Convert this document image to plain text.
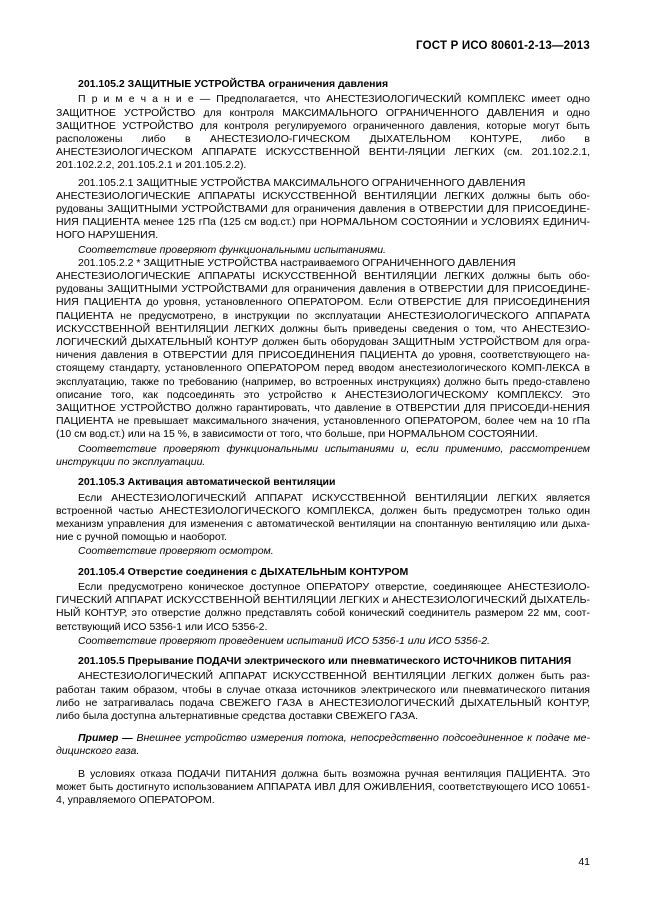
ГОСТ Р ИСО 80601-2-13—2013
201.105.2 ЗАЩИТНЫЕ УСТРОЙСТВА ограничения давления

П р и м е ч а н и е — Предполагается, что АНЕСТЕЗИОЛОГИЧЕСКИЙ КОМПЛЕКС имеет одно ЗАЩИТНОЕ УСТРОЙСТВО для контроля МАКСИМАЛЬНОГО ОГРАНИЧЕННОГО ДАВЛЕНИЯ и одно ЗАЩИТНОЕ УСТРОЙСТВО для контроля регулируемого ограниченного давления, которые могут быть расположены либо в АНЕСТЕЗИОЛО-ГИЧЕСКОМ ДЫХАТЕЛЬНОМ КОНТУРЕ, либо в АНЕСТЕЗИОЛОГИЧЕСКОМ АППАРАТЕ ИСКУССТВЕННОЙ ВЕНТИ-ЛЯЦИИ ЛЕГКИХ (см. 201.102.2.1, 201.102.2.2, 201.105.2.1 и 201.105.2.2).

201.105.2.1 ЗАЩИТНЫЕ УСТРОЙСТВА МАКСИМАЛЬНОГО ОГРАНИЧЕННОГО ДАВЛЕНИЯ

АНЕСТЕЗИОЛОГИЧЕСКИЕ АППАРАТЫ ИСКУССТВЕННОЙ ВЕНТИЛЯЦИИ ЛЕГКИХ должны быть обо-рудованы ЗАЩИТНЫМИ УСТРОЙСТВАМИ для ограничения давления в ОТВЕРСТИИ ДЛЯ ПРИСОЕДИНЕ-НИЯ ПАЦИЕНТА менее 125 гПа (125 см вод.ст.) при НОРМАЛЬНОМ СОСТОЯНИИ и УСЛОВИЯХ ЕДИНИЧ-НОГО НАРУШЕНИЯ.

Соответствие проверяют функциональными испытаниями.

201.105.2.2 * ЗАЩИТНЫЕ УСТРОЙСТВА настраиваемого ОГРАНИЧЕННОГО ДАВЛЕНИЯ

АНЕСТЕЗИОЛОГИЧЕСКИЕ АППАРАТЫ ИСКУССТВЕННОЙ ВЕНТИЛЯЦИИ ЛЕГКИХ должны быть обо-рудованы ЗАЩИТНЫМИ УСТРОЙСТВАМИ для ограничения давления в ОТВЕРСТИИ ДЛЯ ПРИСОЕДИНЕ-НИЯ ПАЦИЕНТА до уровня, установленного ОПЕРАТОРОМ. Если ОТВЕРСТИЕ ДЛЯ ПРИСОЕДИНЕНИЯ ПАЦИЕНТА не предусмотрено, в инструкции по эксплуатации АНЕСТЕЗИОЛОГИЧЕСКОГО АППАРАТА ИСКУССТВЕННОЙ ВЕНТИЛЯЦИИ ЛЕГКИХ должны быть приведены сведения о том, что АНЕСТЕЗИО-ЛОГИЧЕСКИЙ ДЫХАТЕЛЬНЫЙ КОНТУР должен быть оборудован ЗАЩИТНЫМ УСТРОЙСТВОМ для огра-ничения давления в ОТВЕРСТИИ ДЛЯ ПРИСОЕДИНЕНИЯ ПАЦИЕНТА до уровня, соответствующего на-стоящему стандарту, установленного ОПЕРАТОРОМ перед вводом анестезиологического КОМП-ЛЕКСА в эксплуатацию, также по требованию (например, во встроенных инструкциях) должно быть предо-ставлено описание того, как подсоединять это устройство к АНЕСТЕЗИОЛОГИЧЕСКОМУ КОМПЛЕКСУ. Это ЗАЩИТНОЕ УСТРОЙСТВО должно гарантировать, что давление в ОТВЕРСТИИ ДЛЯ ПРИСОЕДИ-НЕНИЯ ПАЦИЕНТА не превышает максимального значения, установленного ОПЕРАТОРОМ, более чем на 10 гПа (10 см вод.ст.) или на 15 %, в зависимости от того, что больше, при НОРМАЛЬНОМ СОСТОЯНИИ.

Соответствие проверяют функциональными испытаниями и, если применимо, рассмотрением инструкции по эксплуатации.

201.105.3 Активация автоматической вентиляции

Если АНЕСТЕЗИОЛОГИЧЕСКИЙ АППАРАТ ИСКУССТВЕННОЙ ВЕНТИЛЯЦИИ ЛЕГКИХ является встроенной частью АНЕСТЕЗИОЛОГИЧЕСКОГО КОМПЛЕКСА, должен быть предусмотрен только один механизм управления для изменения с автоматической вентиляции на спонтанную вентиляцию или дыха-ние с ручной помощью и наоборот.

Соответствие проверяют осмотром.

201.105.4 Отверстие соединения с ДЫХАТЕЛЬНЫМ КОНТУРОМ

Если предусмотрено коническое доступное ОПЕРАТОРУ отверстие, соединяющее АНЕСТЕЗИОЛО-ГИЧЕСКИЙ АППАРАТ ИСКУССТВЕННОЙ ВЕНТИЛЯЦИИ ЛЕГКИХ и АНЕСТЕЗИОЛОГИЧЕСКИЙ ДЫХАТЕЛЬ-НЫЙ КОНТУР, это отверстие должно представлять собой конический соединитель размером 22 мм, соот-ветствующий ИСО 5356-1 или ИСО 5356-2.

Соответствие проверяют проведением испытаний ИСО 5356-1 или ИСО 5356-2.

201.105.5 Прерывание ПОДАЧИ электрического или пневматического ИСТОЧНИКОВ ПИТАНИЯ

АНЕСТЕЗИОЛОГИЧЕСКИЙ АППАРАТ ИСКУССТВЕННОЙ ВЕНТИЛЯЦИИ ЛЕГКИХ должен быть раз-работан таким образом, чтобы в случае отказа источников электрического или пневматического питания либо не затрагивалась подача СВЕЖЕГО ГАЗА в АНЕСТЕЗИОЛОГИЧЕСКИЙ ДЫХАТЕЛЬНЫЙ КОНТУР, либо была доступна альтернативные средства доставки СВЕЖЕГО ГАЗА.

Пример — Внешнее устройство измерения потока, непосредственно подсоединенное к подаче ме-дицинского газа.

В условиях отказа ПОДАЧИ ПИТАНИЯ должна быть возможна ручная вентиляция ПАЦИЕНТА. Это может быть достигнуто использованием АППАРАТА ИВЛ ДЛЯ ОЖИВЛЕНИЯ, соответствующего ИСО 10651-4, управляемого ОПЕРАТОРОМ.

41
